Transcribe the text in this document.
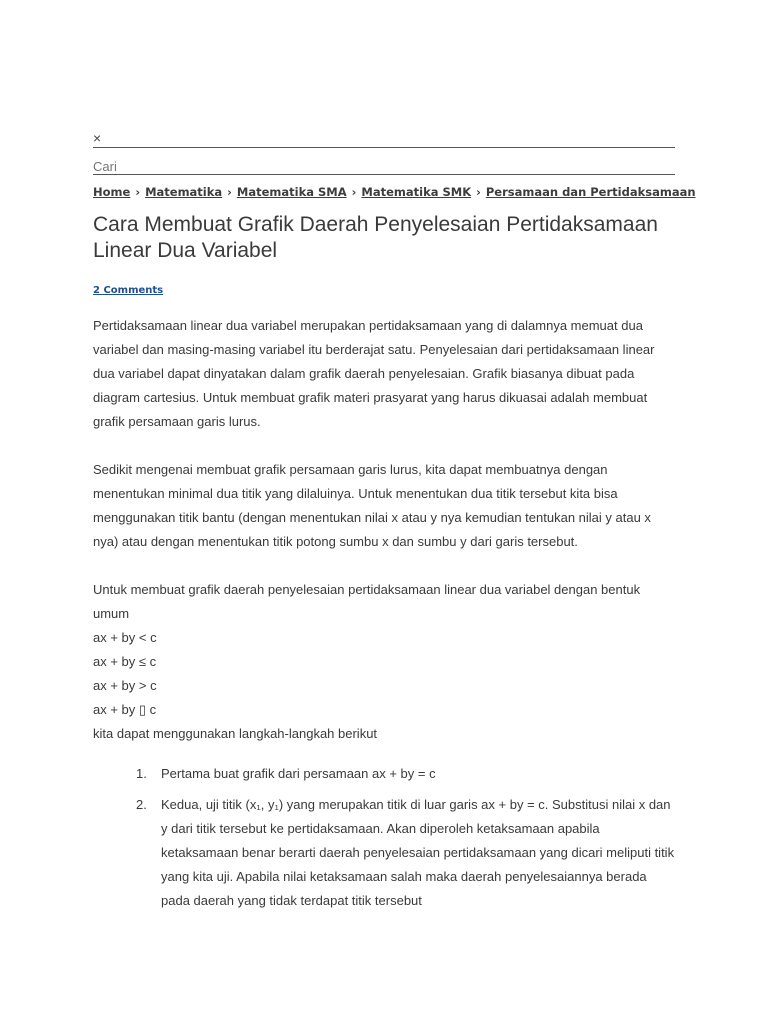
×
Cari
Home › Matematika › Matematika SMA › Matematika SMK › Persamaan dan Pertidaksamaan
Cara Membuat Grafik Daerah Penyelesaian Pertidaksamaan Linear Dua Variabel
2 Comments

Pertidaksamaan linear dua variabel merupakan pertidaksamaan yang di dalamnya memuat dua variabel dan masing-masing variabel itu berderajat satu. Penyelesaian dari pertidaksamaan linear dua variabel dapat dinyatakan dalam grafik daerah penyelesaian. Grafik biasanya dibuat pada diagram cartesius. Untuk membuat grafik materi prasyarat yang harus dikuasai adalah membuat grafik persamaan garis lurus.

Sedikit mengenai membuat grafik persamaan garis lurus, kita dapat membuatnya dengan menentukan minimal dua titik yang dilaluinya. Untuk menentukan dua titik tersebut kita bisa menggunakan titik bantu (dengan menentukan nilai x atau y nya kemudian tentukan nilai y atau x nya) atau dengan menentukan titik potong sumbu x dan sumbu y dari garis tersebut.

Untuk membuat grafik daerah penyelesaian pertidaksamaan linear dua variabel dengan bentuk umum

ax + by < c

ax + by ≤ c

ax + by > c

ax + by ▯ c

kita dapat menggunakan langkah-langkah berikut

1. Pertama buat grafik dari persamaan ax + by = c
2. Kedua, uji titik (x₁, y₁) yang merupakan titik di luar garis ax + by = c. Substitusi nilai x dan y dari titik tersebut ke pertidaksamaan. Akan diperoleh ketaksamaan apabila ketaksamaan benar berarti daerah penyelesaian pertidaksamaan yang dicari meliputi titik yang kita uji. Apabila nilai ketaksamaan salah maka daerah penyelesaiannya berada pada daerah yang tidak terdapat titik tersebut
